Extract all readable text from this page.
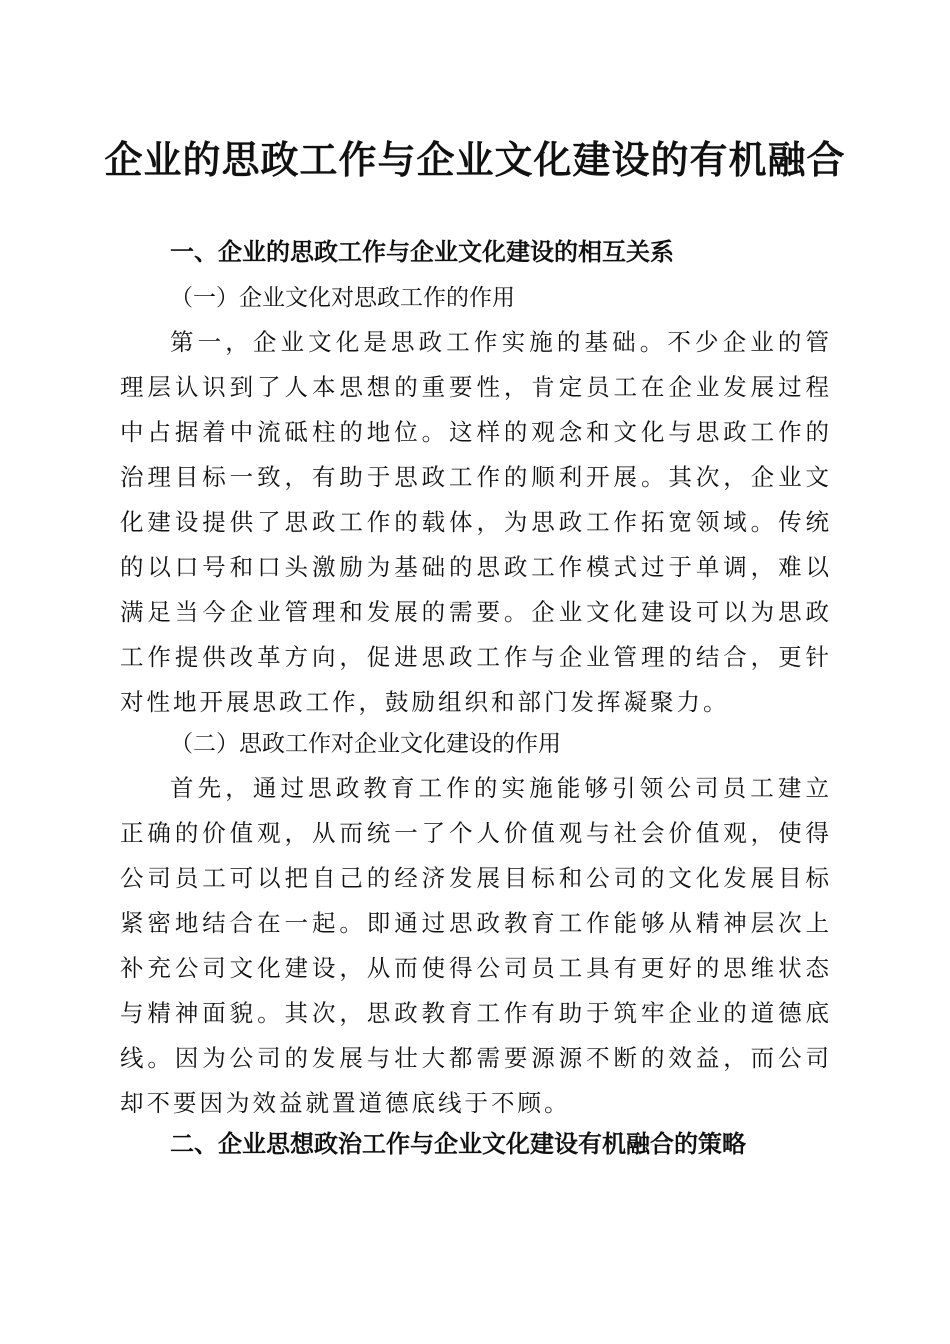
企业的思政工作与企业文化建设的有机融合
一、企业的思政工作与企业文化建设的相互关系
（一）企业文化对思政工作的作用
第一，企业文化是思政工作实施的基础。不少企业的管理层认识到了人本思想的重要性，肯定员工在企业发展过程中占据着中流砥柱的地位。这样的观念和文化与思政工作的治理目标一致，有助于思政工作的顺利开展。其次，企业文化建设提供了思政工作的载体，为思政工作拓宽领域。传统的以口号和口头激励为基础的思政工作模式过于单调，难以满足当今企业管理和发展的需要。企业文化建设可以为思政工作提供改革方向，促进思政工作与企业管理的结合，更针对性地开展思政工作，鼓励组织和部门发挥凝聚力。
（二）思政工作对企业文化建设的作用
首先，通过思政教育工作的实施能够引领公司员工建立正确的价值观，从而统一了个人价值观与社会价值观，使得公司员工可以把自己的经济发展目标和公司的文化发展目标紧密地结合在一起。即通过思政教育工作能够从精神层次上补充公司文化建设，从而使得公司员工具有更好的思维状态与精神面貌。其次，思政教育工作有助于筑牢企业的道德底线。因为公司的发展与壮大都需要源源不断的效益，而公司却不要因为效益就置道德底线于不顾。
二、企业思想政治工作与企业文化建设有机融合的策略
